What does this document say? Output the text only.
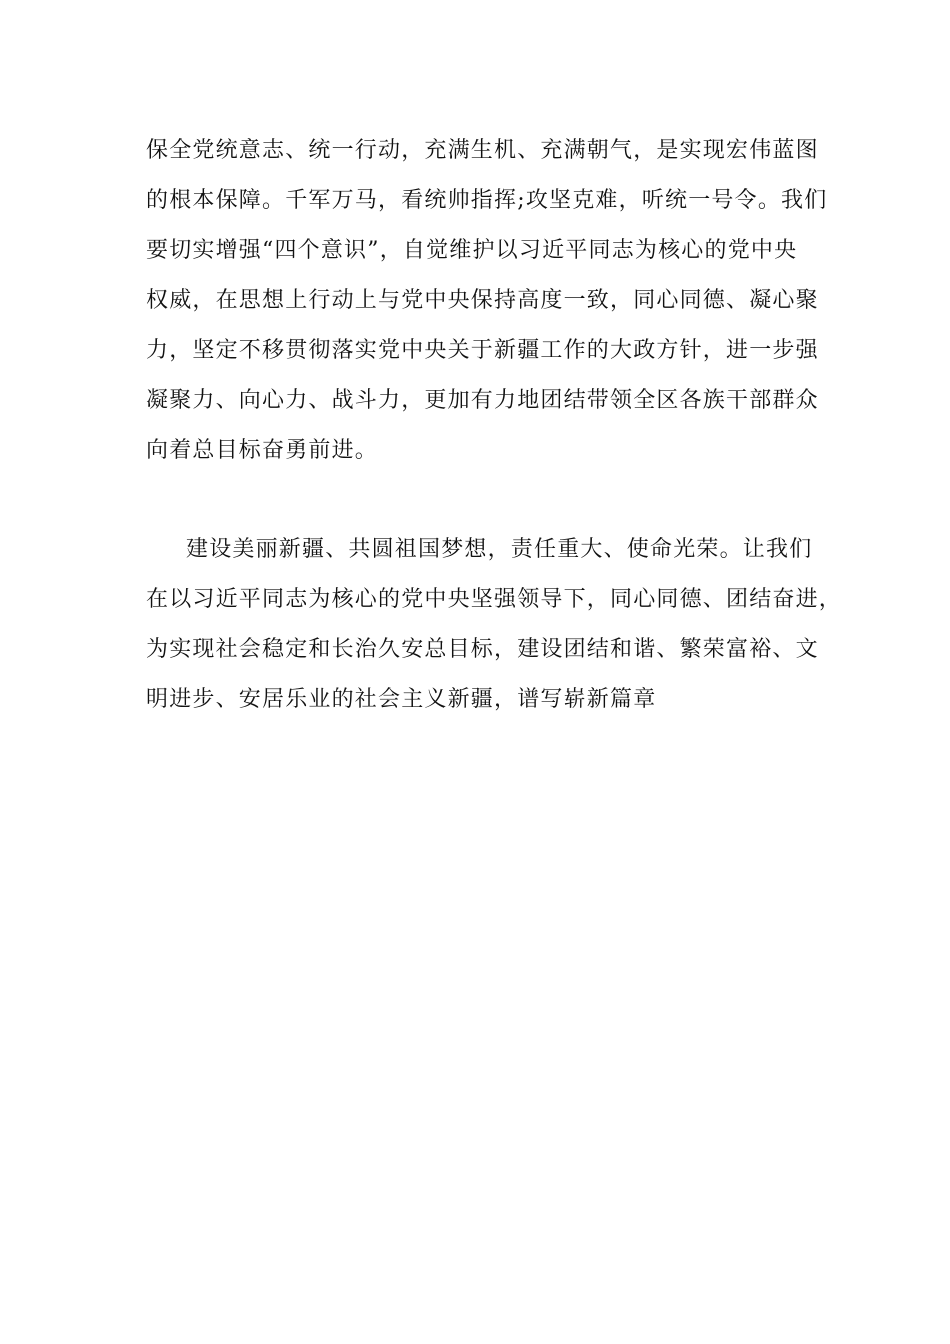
保全党统意志、统一行动，充满生机、充满朝气，是实现宏伟蓝图

的根本保障。千军万马，看统帅指挥;攻坚克难，听统一号令。我们

要切实增强“四个意识”，自觉维护以习近平同志为核心的党中央

权威，在思想上行动上与党中央保持高度一致，同心同德、凝心聚

力，坚定不移贯彻落实党中央关于新疆工作的大政方针，进一步强

凝聚力、向心力、战斗力，更加有力地团结带领全区各族干部群众

向着总目标奋勇前进。

建设美丽新疆、共圆祖国梦想，责任重大、使命光荣。让我们

在以习近平同志为核心的党中央坚强领导下，同心同德、团结奋进，

为实现社会稳定和长治久安总目标，建设团结和谐、繁荣富裕、文

明进步、安居乐业的社会主义新疆，谱写崭新篇章
